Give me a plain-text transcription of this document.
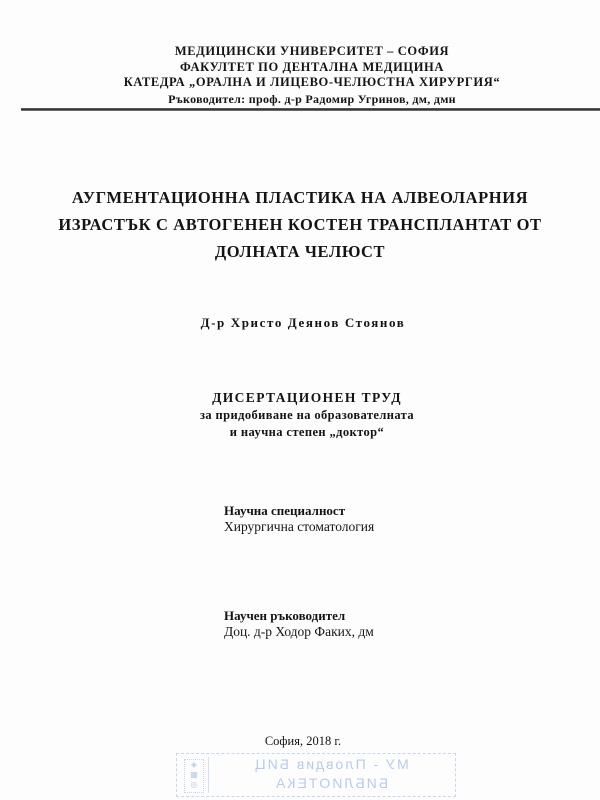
МЕДИЦИНСКИ УНИВЕРСИТЕТ – СОФИЯ
ФАКУЛТЕТ ПО ДЕНТАЛНА МЕДИЦИНА
КАТЕДРА „ОРАЛНА И ЛИЦЕВО-ЧЕЛЮСТНА ХИРУРГИЯ“
Ръководител: проф. д-р Радомир Угринов, дм, дмн
АУГМЕНТАЦИОННА ПЛАСТИКА НА АЛВЕОЛАРНИЯ
ИЗРАСТЪК С АВТОГЕНЕН КОСТЕН ТРАНСПЛАНТАТ ОТ
ДОЛНАТА ЧЕЛЮСТ
Д-р Христо Деянов Стоянов
ДИСЕРТАЦИОНЕН ТРУД
за придобиване на образователната
и научна степен „доктор“
Научна специалност
Хирургична стоматология
Научен ръководител
Доц. д-р Ходор Факих, дм
София, 2018 г.
◈
▦
◎
МУ - Пловдив БИЦ
БИБЛИОТЕКА
